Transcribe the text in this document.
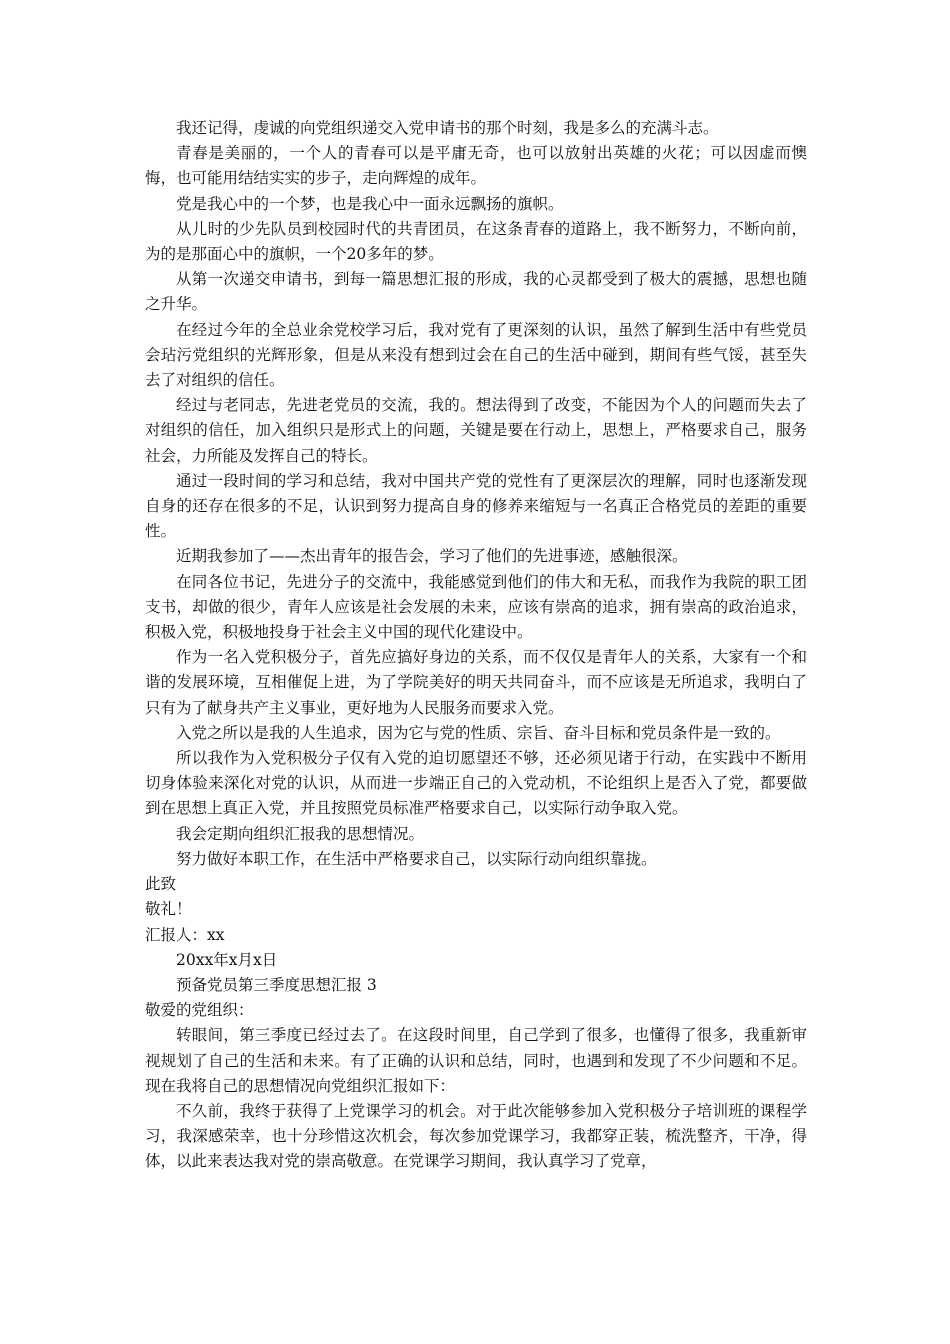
我还记得，虔诚的向党组织递交入党申请书的那个时刻，我是多么的充满斗志。

青春是美丽的，一个人的青春可以是平庸无奇，也可以放射出英雄的火花；可以因虚而懊悔，也可能用结结实实的步子，走向辉煌的成年。

党是我心中的一个梦，也是我心中一面永远飘扬的旗帜。

从儿时的少先队员到校园时代的共青团员，在这条青春的道路上，我不断努力，不断向前，为的是那面心中的旗帜，一个20多年的梦。

从第一次递交申请书，到每一篇思想汇报的形成，我的心灵都受到了极大的震撼，思想也随之升华。

在经过今年的全总业余党校学习后，我对党有了更深刻的认识，虽然了解到生活中有些党员会玷污党组织的光辉形象，但是从来没有想到过会在自己的生活中碰到，期间有些气馁，甚至失去了对组织的信任。

经过与老同志，先进老党员的交流，我的。想法得到了改变，不能因为个人的问题而失去了对组织的信任，加入组织只是形式上的问题，关键是要在行动上，思想上，严格要求自己，服务社会，力所能及发挥自己的特长。

通过一段时间的学习和总结，我对中国共产党的党性有了更深层次的理解，同时也逐渐发现自身的还存在很多的不足，认识到努力提高自身的修养来缩短与一名真正合格党员的差距的重要性。

近期我参加了——杰出青年的报告会，学习了他们的先进事迹，感触很深。

在同各位书记，先进分子的交流中，我能感觉到他们的伟大和无私，而我作为我院的职工团支书，却做的很少，青年人应该是社会发展的未来，应该有崇高的追求，拥有崇高的政治追求，积极入党，积极地投身于社会主义中国的现代化建设中。

作为一名入党积极分子，首先应搞好身边的关系，而不仅仅是青年人的关系，大家有一个和谐的发展环境，互相催促上进，为了学院美好的明天共同奋斗，而不应该是无所追求，我明白了只有为了献身共产主义事业，更好地为人民服务而要求入党。

入党之所以是我的人生追求，因为它与党的性质、宗旨、奋斗目标和党员条件是一致的。

所以我作为入党积极分子仅有入党的迫切愿望还不够，还必须见诸于行动，在实践中不断用切身体验来深化对党的认识，从而进一步端正自己的入党动机，不论组织上是否入了党，都要做到在思想上真正入党，并且按照党员标准严格要求自己，以实际行动争取入党。

我会定期向组织汇报我的思想情况。

努力做好本职工作，在生活中严格要求自己，以实际行动向组织靠拢。

此致

敬礼！

汇报人：xx

20xx年x月x日

预备党员第三季度思想汇报 3

敬爱的党组织：

转眼间，第三季度已经过去了。在这段时间里，自己学到了很多，也懂得了很多，我重新审视规划了自己的生活和未来。有了正确的认识和总结，同时，也遇到和发现了不少问题和不足。现在我将自己的思想情况向党组织汇报如下：

不久前，我终于获得了上党课学习的机会。对于此次能够参加入党积极分子培训班的课程学习，我深感荣幸，也十分珍惜这次机会，每次参加党课学习，我都穿正装，梳洗整齐，干净，得体，以此来表达我对党的崇高敬意。在党课学习期间，我认真学习了党章，
